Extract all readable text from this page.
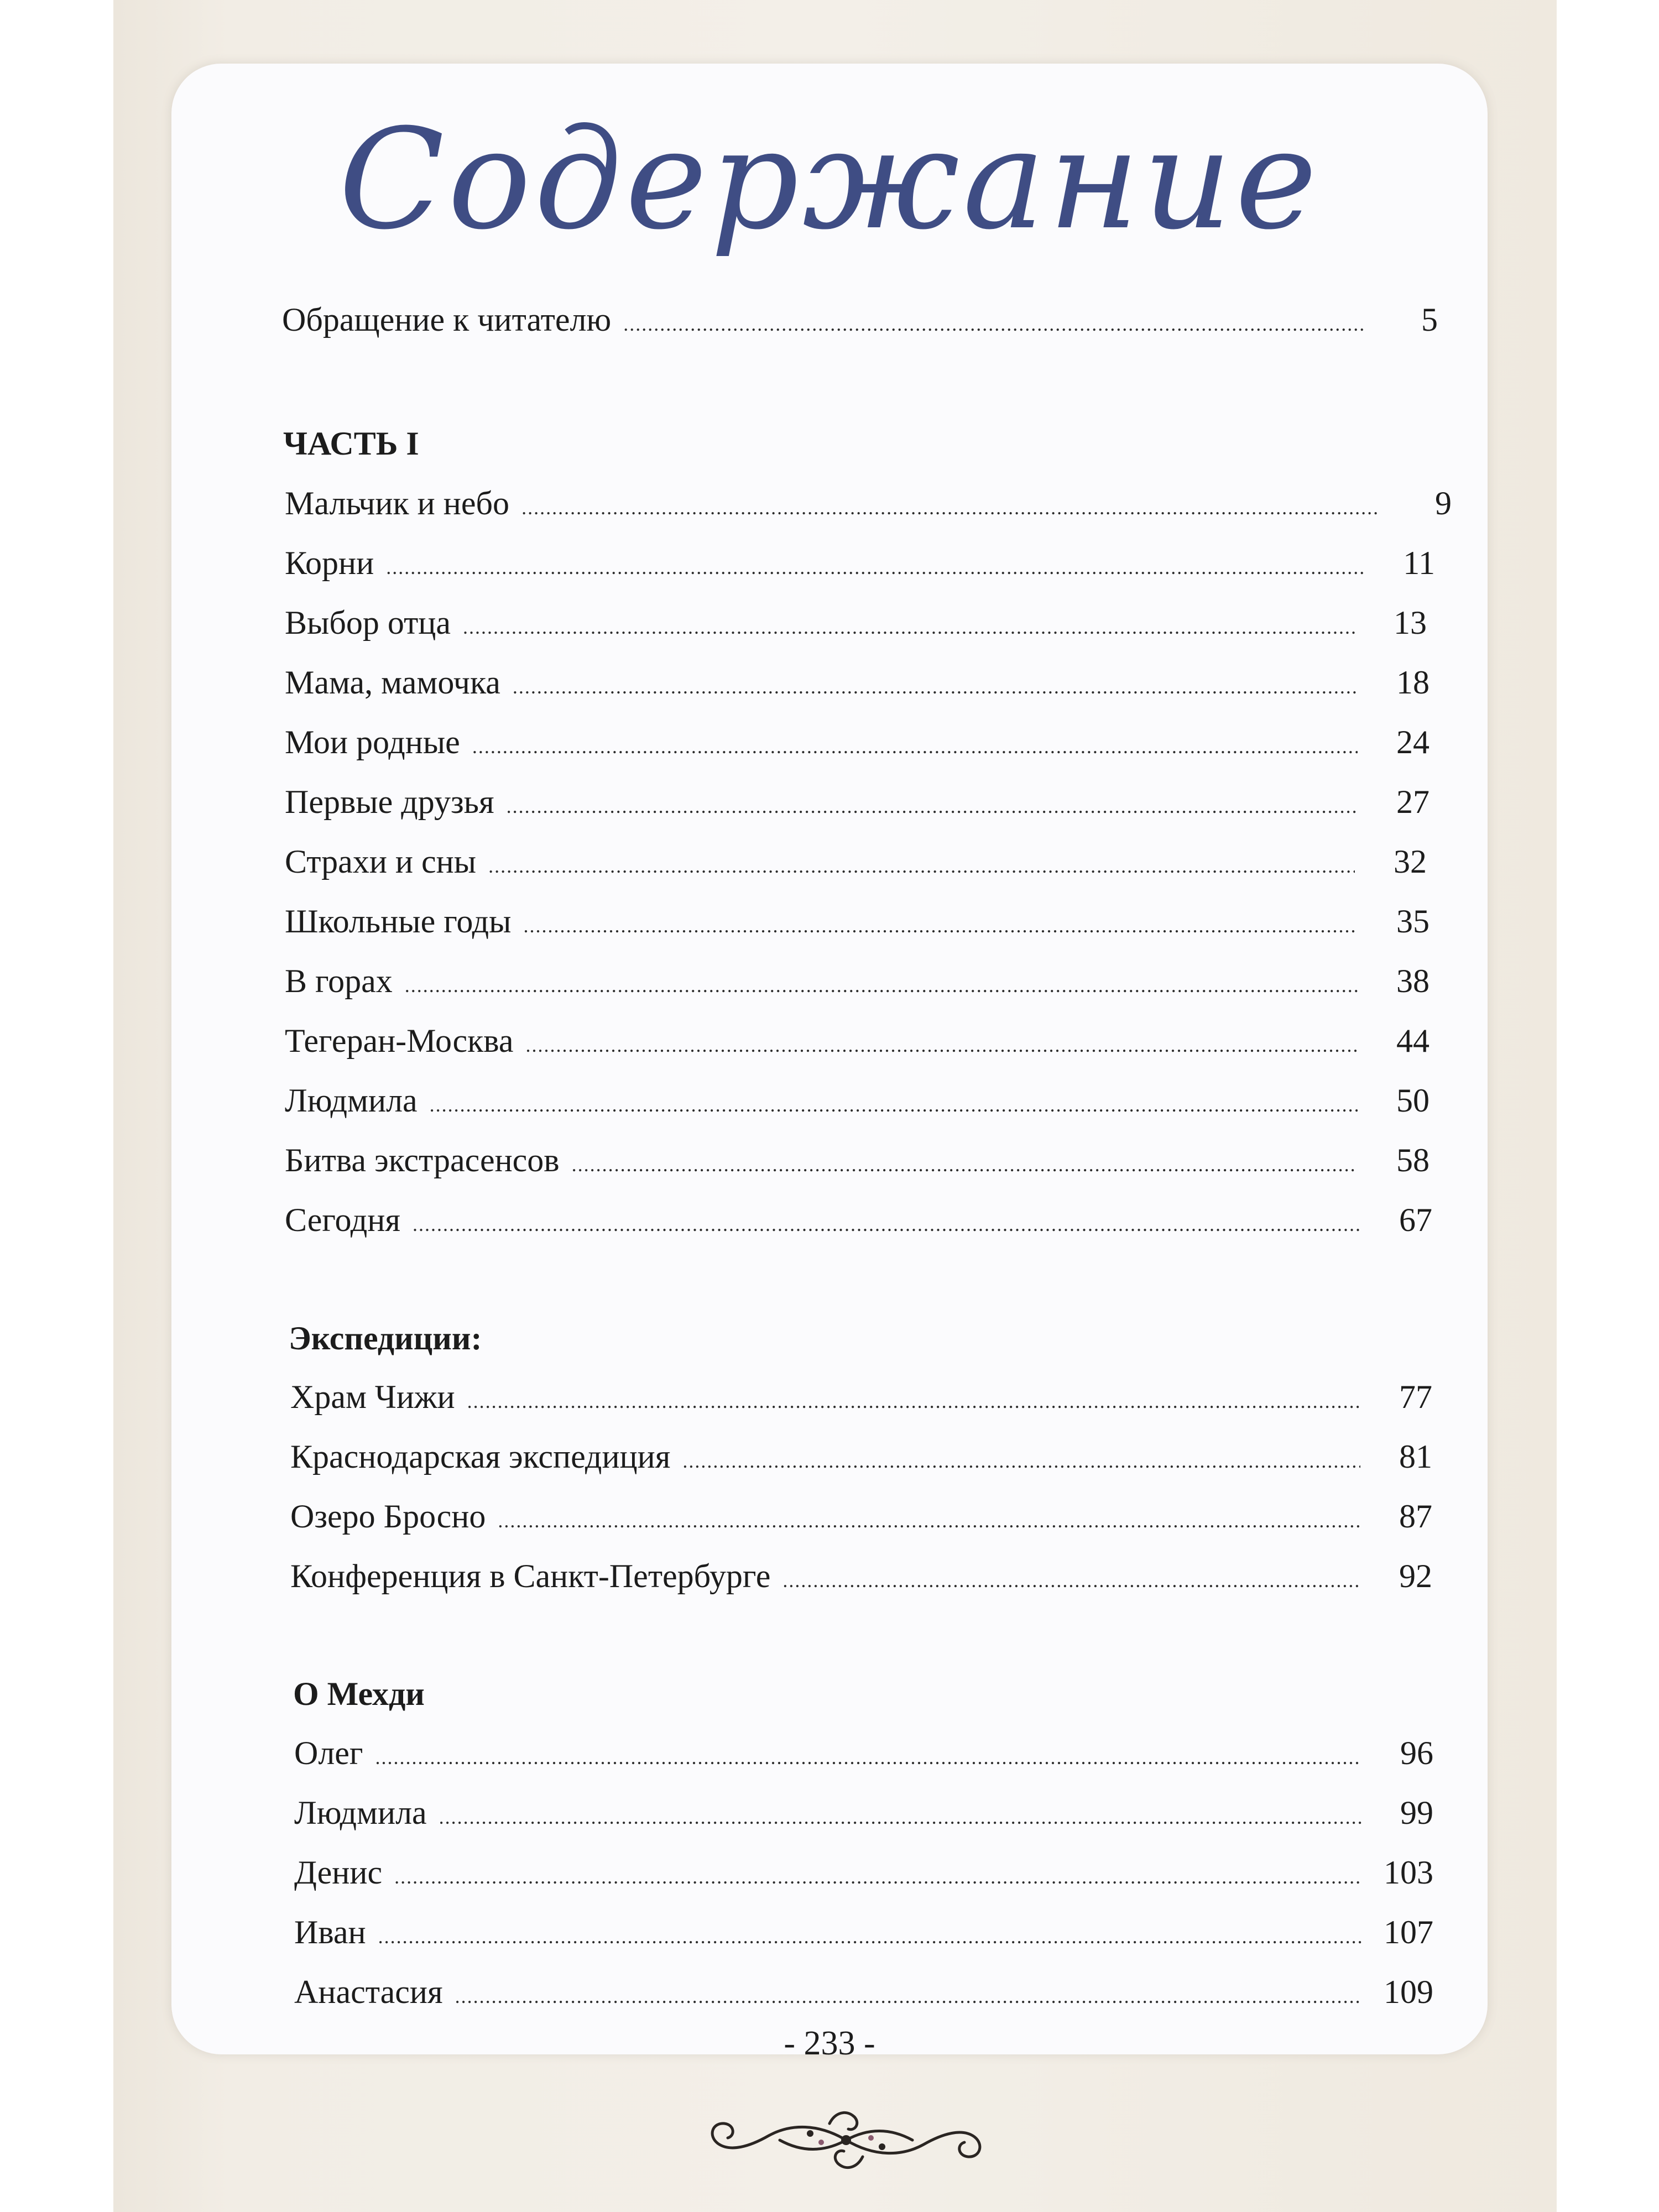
Содержание
Обращение к читателю .....	5
ЧАСТЬ I
Мальчик и небо .....	9
Корни .....	11
Выбор отца .....	13
Мама, мамочка .....	18
Мои родные .....	24
Первые друзья .....	27
Страхи и сны .....	32
Школьные годы .....	35
В горах .....	38
Тегеран-Москва .....	44
Людмила .....	50
Битва экстрасенсов .....	58
Сегодня .....	67
Экспедиции:
Храм Чижи .....	77
Краснодарская экспедиция .....	81
Озеро Бросно .....	87
Конференция в Санкт-Петербурге .....	92
О Мехди
Олег .....	96
Людмила .....	99
Денис .....	103
Иван .....	107
Анастасия .....	109
- 233 -
